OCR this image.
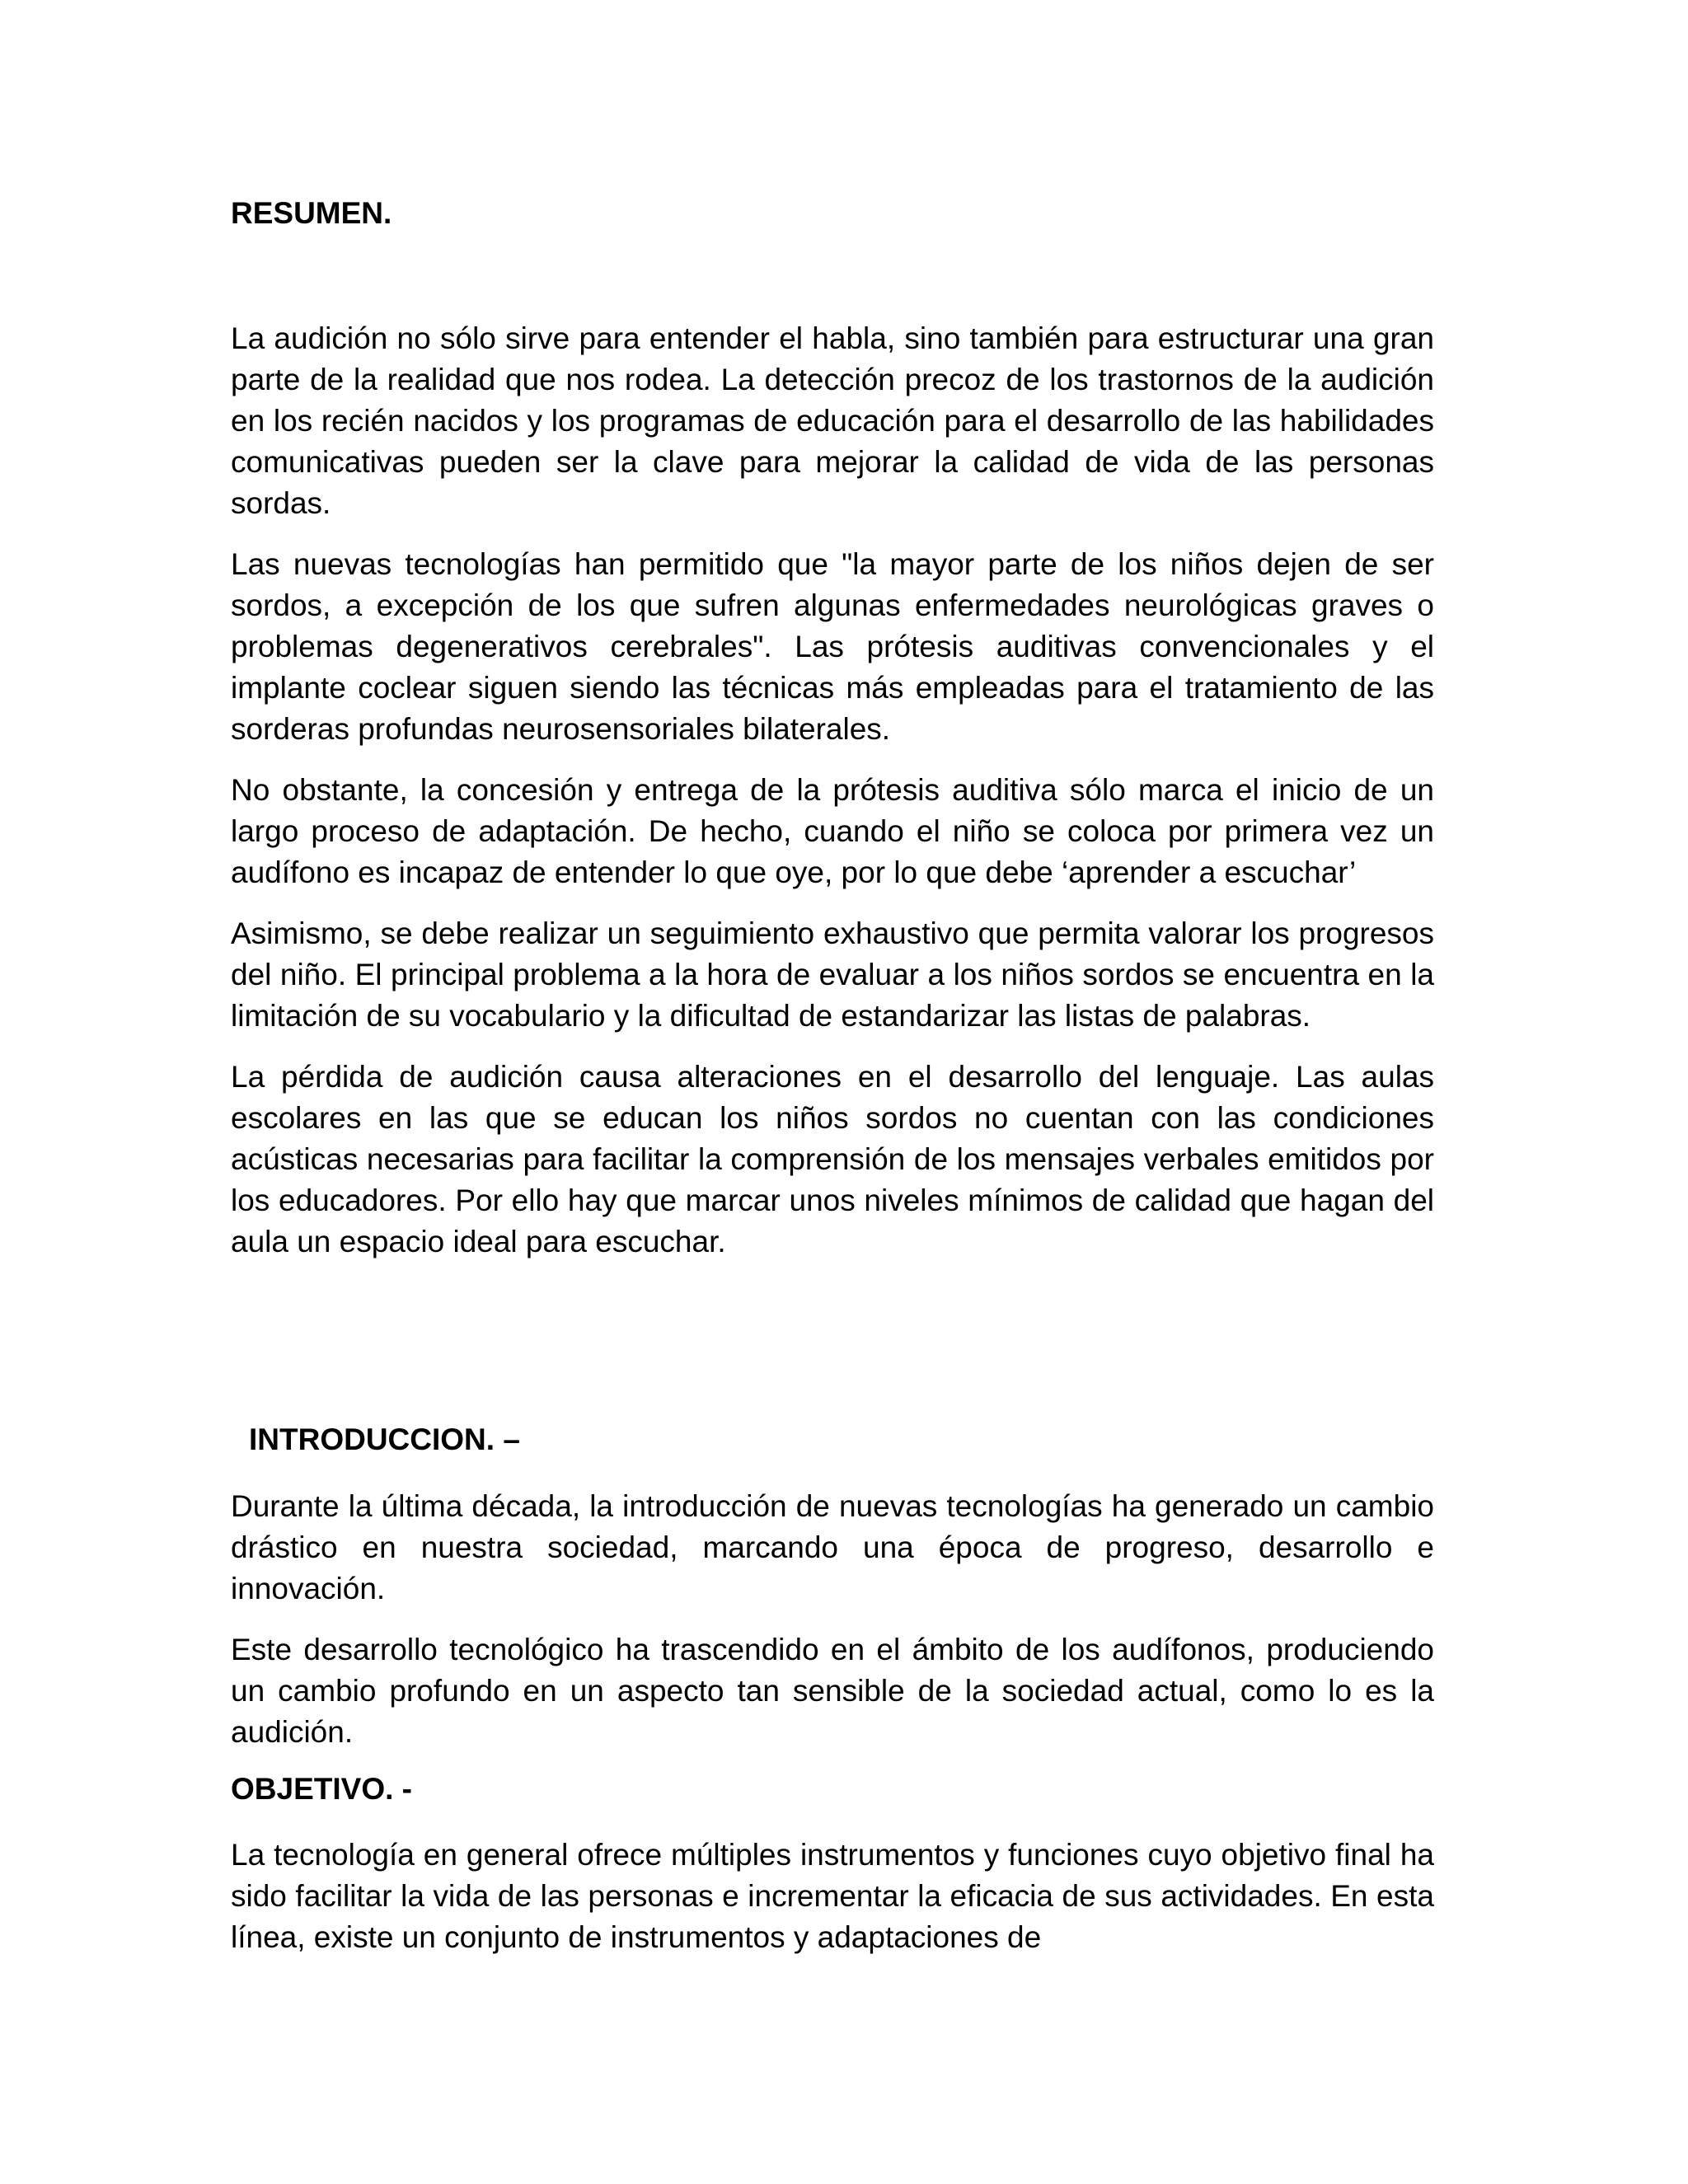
RESUMEN.

La audición no sólo sirve para entender el habla, sino también para estructurar una gran parte de la realidad que nos rodea. La detección precoz de los trastornos de la audición en los recién nacidos y los programas de educación para el desarrollo de las habilidades comunicativas pueden ser la clave para mejorar la calidad de vida de las personas sordas.

Las nuevas tecnologías han permitido que "la mayor parte de los niños dejen de ser sordos, a excepción de los que sufren algunas enfermedades neurológicas graves o problemas degenerativos cerebrales". Las prótesis auditivas convencionales y el implante coclear siguen siendo las técnicas más empleadas para el tratamiento de las sorderas profundas neurosensoriales bilaterales.

No obstante, la concesión y entrega de la prótesis auditiva sólo marca el inicio de un largo proceso de adaptación. De hecho, cuando el niño se coloca por primera vez un audífono es incapaz de entender lo que oye, por lo que debe ‘aprender a escuchar’

Asimismo, se debe realizar un seguimiento exhaustivo que permita valorar los progresos del niño. El principal problema a la hora de evaluar a los niños sordos se encuentra en la limitación de su vocabulario y la dificultad de estandarizar las listas de palabras.

La pérdida de audición causa alteraciones en el desarrollo del lenguaje. Las aulas escolares en las que se educan los niños sordos no cuentan con las condiciones acústicas necesarias para facilitar la comprensión de los mensajes verbales emitidos por los educadores. Por ello hay que marcar unos niveles mínimos de calidad que hagan del aula un espacio ideal para escuchar.

INTRODUCCION. –

Durante la última década, la introducción de nuevas tecnologías ha generado un cambio drástico en nuestra sociedad, marcando una época de progreso, desarrollo e innovación.

Este desarrollo tecnológico ha trascendido en el ámbito de los audífonos, produciendo un cambio profundo en un aspecto tan sensible de la sociedad actual, como lo es la audición.

OBJETIVO. -

La tecnología en general ofrece múltiples instrumentos y funciones cuyo objetivo final ha sido facilitar la vida de las personas e incrementar la eficacia de sus actividades. En esta línea, existe un conjunto de instrumentos y adaptaciones de
